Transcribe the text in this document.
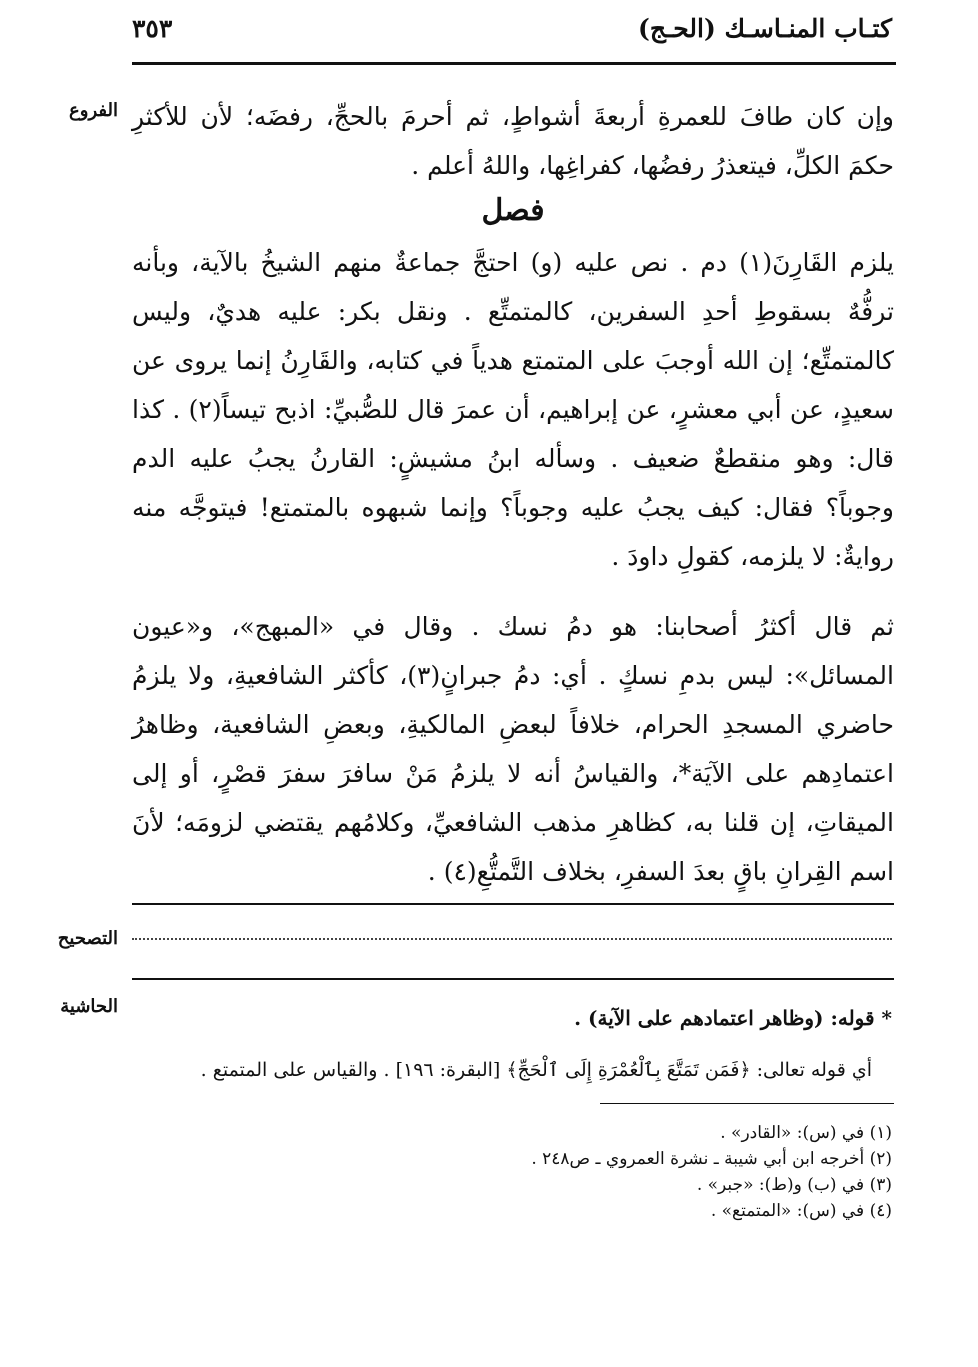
كتـاب المنـاسـك (الحـج)
٣٥٣
الفروع
التصحيح
الحاشية
وإن كان طافَ للعمرةِ أربعةَ أشواطٍ، ثم أحرمَ بالحجِّ، رفضَه؛ لأن للأكثرِ حكمَ الكلِّ، فيتعذرُ رفضُها، كفراغِها، واللهُ أعلم .
فصل
يلزم القَارِنَ(١) دم . نص عليه (و) احتجَّ جماعةٌ منهم الشيخُ بالآية، وبأنه ترفُّهٌ بسقوطِ أحدِ السفرين، كالمتمتِّع . ونقل بكر: عليه هديٌ، وليس كالمتمتِّع؛ إن الله أوجبَ على المتمتع هدياً في كتابه، والقَارِنُ إنما يروى عن سعيدٍ، عن أبي معشرٍ، عن إبراهيم، أن عمرَ قال للصُّبيِّ: اذبح تيساً(٢) . كذا قال: وهو منقطعٌ ضعيف . وسأله ابنُ مشيشٍ: القارنُ يجبُ عليه الدم وجوباً؟ فقال: كيف يجبُ عليه وجوباً؟ وإنما شبهوه بالمتمتع! فيتوجَّه منه روايةٌ: لا يلزمه، كقولِ داودَ .
ثم قال أكثرُ أصحابنا: هو دمُ نسك . وقال في «المبهج»، و«عيون المسائل»: ليس بدمِ نسكٍ . أي: دمُ جبرانٍ(٣)، كأكثر الشافعيةِ، ولا يلزمُ حاضري المسجدِ الحرام، خلافاً لبعضِ المالكيةِ، وبعضِ الشافعية، وظاهرُ اعتمادِهم على الآيَة*، والقياسُ أنه لا يلزمُ مَنْ سافرَ سفرَ قصْرٍ، أو إلى الميقاتِ، إن قلنا به، كظاهرِ مذهب الشافعيِّ، وكلامُهم يقتضي لزومَه؛ لأنَ اسم القِرانِ باقٍ بعدَ السفرِ، بخلاف التَّمتُّعِ(٤) .
* قوله: (وظاهر اعتمادهم على الآية) .
أي قوله تعالى: ﴿فَمَن تَمَتَّعَ بِٱلْعُمْرَةِ إِلَى ٱلْحَجِّ﴾ [البقرة: ١٩٦] . والقياس على المتمتع .
(١) في (س): «القادر» .
(٢) أخرجه ابن أبي شيبة ـ نشرة العمروي ـ ص٢٤٨ .
(٣) في (ب) و(ط): «جبر» .
(٤) في (س): «المتمتع» .
